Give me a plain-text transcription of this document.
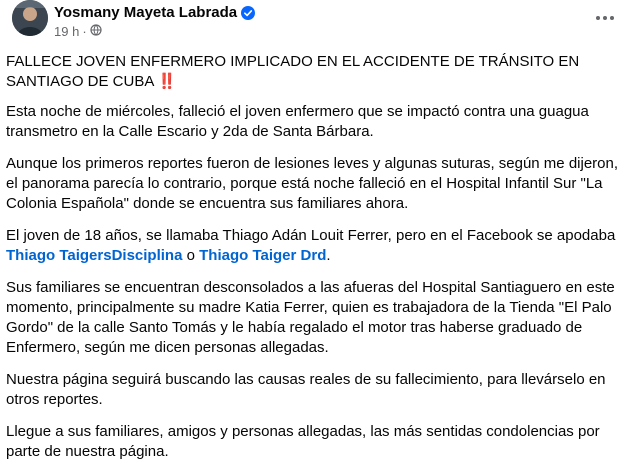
Yosmany Mayeta Labrada
19 h ·

FALLECE JOVEN ENFERMERO IMPLICADO EN EL ACCIDENTE DE TRÁNSITO EN SANTIAGO DE CUBA ‼️

Esta noche de miércoles, falleció el joven enfermero que se impactó contra una guagua transmetro en la Calle Escario y 2da de Santa Bárbara.

Aunque los primeros reportes fueron de lesiones leves y algunas suturas, según me dijeron, el panorama parecía lo contrario, porque está noche falleció en el Hospital Infantil Sur "La Colonia Española" donde se encuentra sus familiares ahora.

El joven de 18 años, se llamaba Thiago Adán Louit Ferrer, pero en el Facebook se apodaba Thiago TaigersDisciplina o Thiago Taiger Drd.

Sus familiares se encuentran desconsolados a las afueras del Hospital Santiaguero en este momento, principalmente su madre Katia Ferrer, quien es trabajadora de la Tienda "El Palo Gordo" de la calle Santo Tomás y le había regalado el motor tras haberse graduado de Enfermero, según me dicen personas allegadas.

Nuestra página seguirá buscando las causas reales de su fallecimiento, para llevárselo en otros reportes.

Llegue a sus familiares, amigos y personas allegadas, las más sentidas condolencias por parte de nuestra página.
